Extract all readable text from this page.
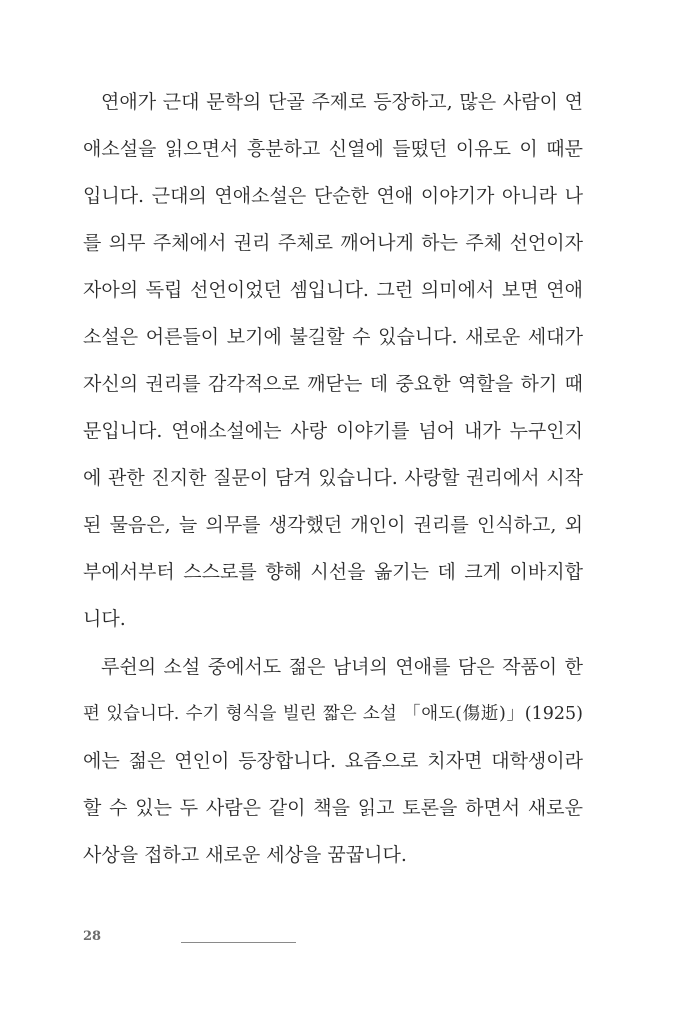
연애가 근대 문학의 단골 주제로 등장하고, 많은 사람이 연
애소설을 읽으면서 흥분하고 신열에 들떴던 이유도 이 때문
입니다. 근대의 연애소설은 단순한 연애 이야기가 아니라 나
를 의무 주체에서 권리 주체로 깨어나게 하는 주체 선언이자
자아의 독립 선언이었던 셈입니다. 그런 의미에서 보면 연애
소설은 어른들이 보기에 불길할 수 있습니다. 새로운 세대가
자신의 권리를 감각적으로 깨닫는 데 중요한 역할을 하기 때
문입니다. 연애소설에는 사랑 이야기를 넘어 내가 누구인지
에 관한 진지한 질문이 담겨 있습니다. 사랑할 권리에서 시작
된 물음은, 늘 의무를 생각했던 개인이 권리를 인식하고, 외
부에서부터 스스로를 향해 시선을 옮기는 데 크게 이바지합
니다.
루쉰의 소설 중에서도 젊은 남녀의 연애를 담은 작품이 한
편 있습니다. 수기 형식을 빌린 짧은 소설 「애도(傷逝)」(1925)
에는 젊은 연인이 등장합니다. 요즘으로 치자면 대학생이라
할 수 있는 두 사람은 같이 책을 읽고 토론을 하면서 새로운
사상을 접하고 새로운 세상을 꿈꿉니다.
28
